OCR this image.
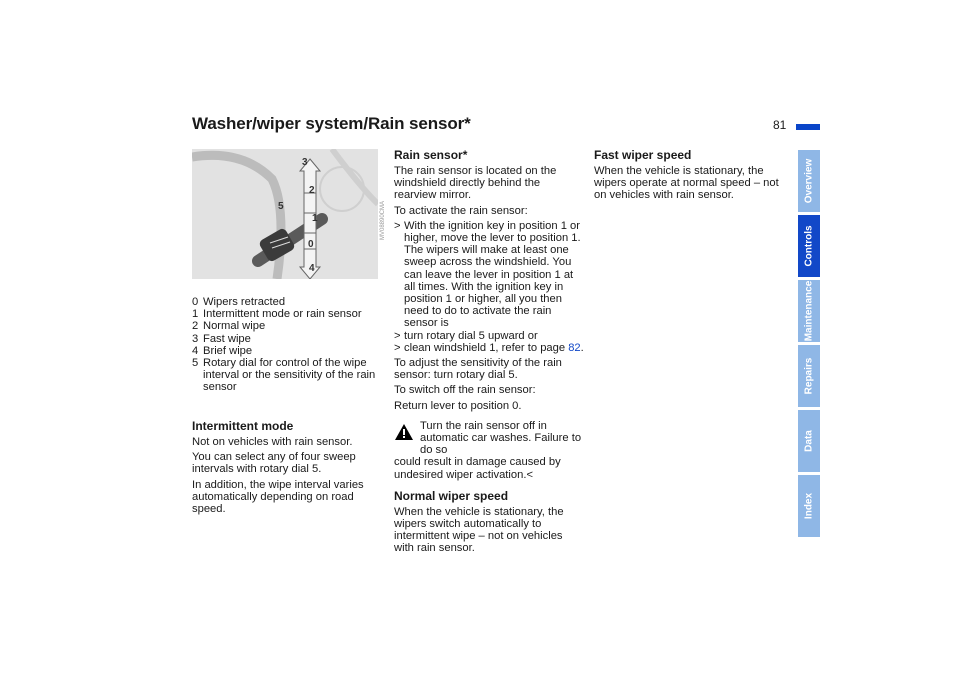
Washer/wiper system/Rain sensor*	81
Overview
Controls
Maintenance
Repairs
Data
Index
3
2
5
1
0
4
MV08890CMA
0 Wipers retracted
1 Intermittent mode or rain sensor
2 Normal wipe
3 Fast wipe
4 Brief wipe
5 Rotary dial for control of the wipe interval or the sensitivity of the rain sensor
Intermittent mode

Not on vehicles with rain sensor.

You can select any of four sweep intervals with rotary dial 5.

In addition, the wipe interval varies automatically depending on road speed.

Rain sensor*

The rain sensor is located on the windshield directly behind the rearview mirror.

To activate the rain sensor:

> With the ignition key in position 1 or higher, move the lever to position 1. The wipers will make at least one sweep across the windshield. You can leave the lever in position 1 at all times. With the ignition key in position 1 or higher, all you then need to do to activate the rain sensor is
> turn rotary dial 5 upward or
> clean windshield 1, refer to page 82.

To adjust the sensitivity of the rain sensor: turn rotary dial 5.

To switch off the rain sensor:

Return lever to position 0.

Turn the rain sensor off in automatic car washes. Failure to do so
could result in damage caused by undesired wiper activation.<
Normal wiper speed

When the vehicle is stationary, the wipers switch automatically to intermittent wipe – not on vehicles with rain sensor.

Fast wiper speed

When the vehicle is stationary, the wipers operate at normal speed – not on vehicles with rain sensor.
